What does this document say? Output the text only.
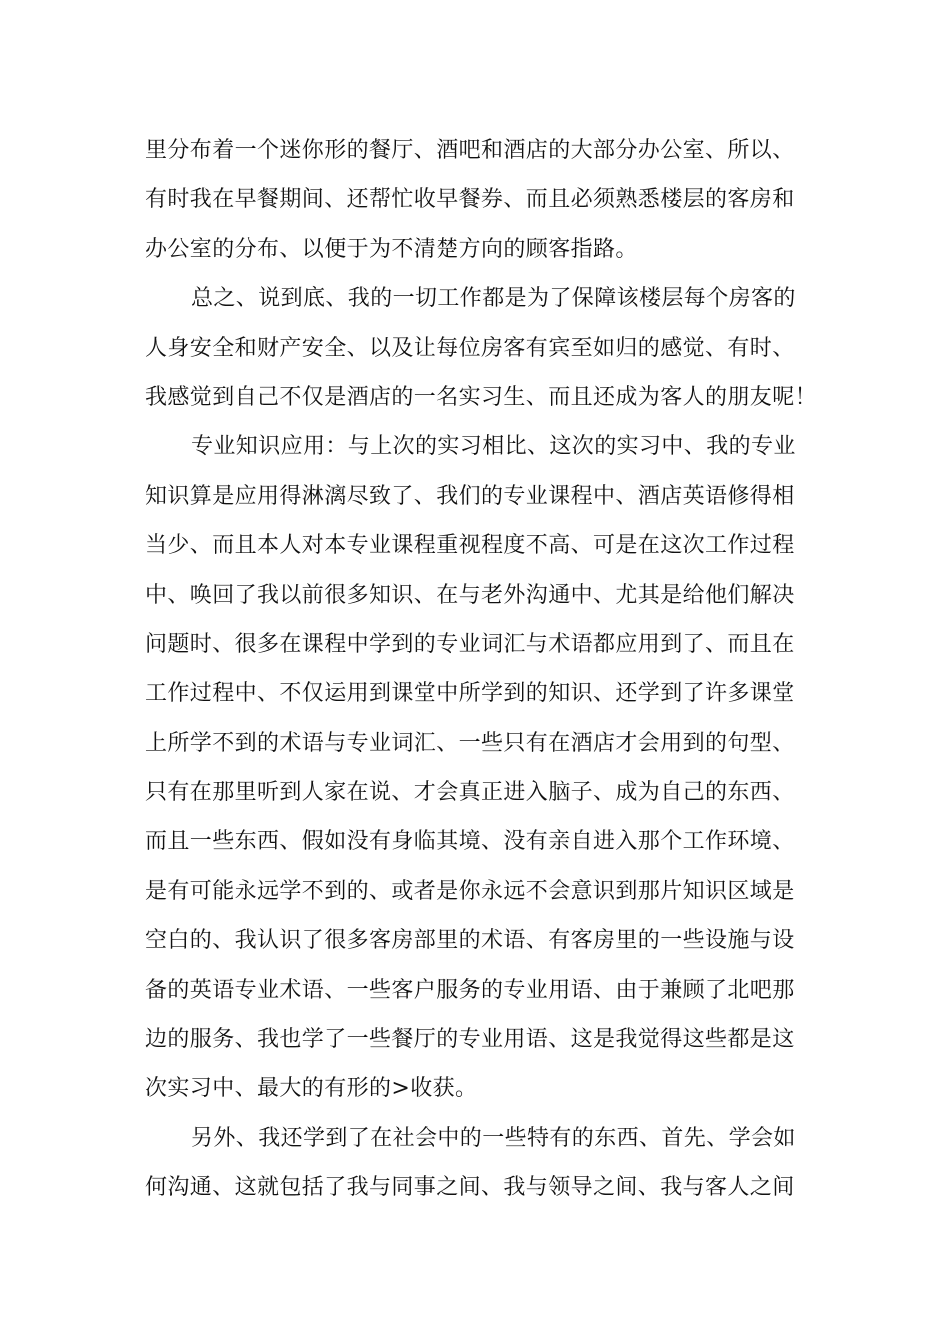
里分布着一个迷你形的餐厅、酒吧和酒店的大部分办公室、所以、
有时我在早餐期间、还帮忙收早餐券、而且必须熟悉楼层的客房和
办公室的分布、以便于为不清楚方向的顾客指路。
总之、说到底、我的一切工作都是为了保障该楼层每个房客的
人身安全和财产安全、以及让每位房客有宾至如归的感觉、有时、
我感觉到自己不仅是酒店的一名实习生、而且还成为客人的朋友呢！
专业知识应用：与上次的实习相比、这次的实习中、我的专业
知识算是应用得淋漓尽致了、我们的专业课程中、酒店英语修得相
当少、而且本人对本专业课程重视程度不高、可是在这次工作过程
中、唤回了我以前很多知识、在与老外沟通中、尤其是给他们解决
问题时、很多在课程中学到的专业词汇与术语都应用到了、而且在
工作过程中、不仅运用到课堂中所学到的知识、还学到了许多课堂
上所学不到的术语与专业词汇、一些只有在酒店才会用到的句型、
只有在那里听到人家在说、才会真正进入脑子、成为自己的东西、
而且一些东西、假如没有身临其境、没有亲自进入那个工作环境、
是有可能永远学不到的、或者是你永远不会意识到那片知识区域是
空白的、我认识了很多客房部里的术语、有客房里的一些设施与设
备的英语专业术语、一些客户服务的专业用语、由于兼顾了北吧那
边的服务、我也学了一些餐厅的专业用语、这是我觉得这些都是这
次实习中、最大的有形的>收获。
另外、我还学到了在社会中的一些特有的东西、首先、学会如
何沟通、这就包括了我与同事之间、我与领导之间、我与客人之间
